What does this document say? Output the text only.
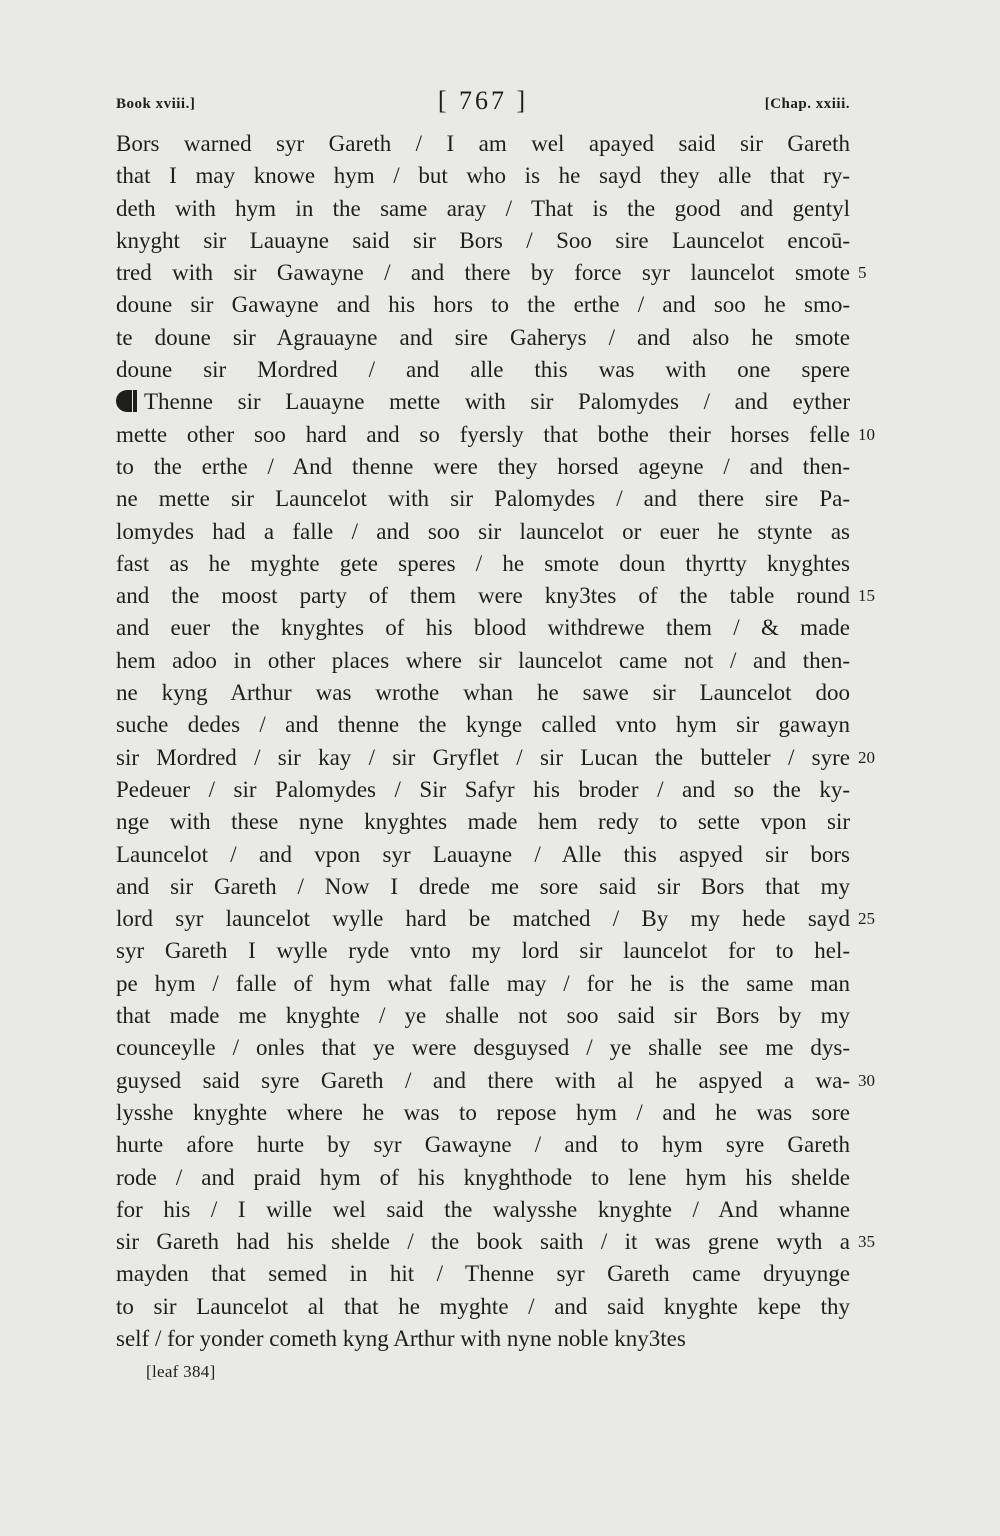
Book xviii.]	[ 767 ]	[Chap. xxiii.
Bors warned syr Gareth / I am wel apayed said sir Gareth
that I may knowe hym / but who is he sayd they alle that ry-
deth with hym in the same aray / That is the good and gentyl
knyght sir Lauayne said sir Bors / Soo sire Launcelot encoū-
tred with sir Gawayne / and there by force syr launcelot smote 5
doune sir Gawayne and his hors to the erthe / and soo he smo-
te doune sir Agrauayne and sire Gaherys / and also he smote
doune sir Mordred / and alle this was with one spere
Thenne sir Lauayne mette with sir Palomydes / and eyther
mette other soo hard and so fyersly that bothe their horses felle 10
to the erthe / And thenne were they horsed ageyne / and then-
ne mette sir Launcelot with sir Palomydes / and there sire Pa-
lomydes had a falle / and soo sir launcelot or euer he stynte as
fast as he myghte gete speres / he smote doun thyrtty knyghtes
and the moost party of them were kny3tes of the table round 15
and euer the knyghtes of his blood withdrewe them / & made
hem adoo in other places where sir launcelot came not / and then-
ne kyng Arthur was wrothe whan he sawe sir Launcelot doo
suche dedes / and thenne the kynge called vnto hym sir gawayn
sir Mordred / sir kay / sir Gryflet / sir Lucan the butteler / syre 20
Pedeuer / sir Palomydes / Sir Safyr his broder / and so the ky-
nge with these nyne knyghtes made hem redy to sette vpon sir
Launcelot / and vpon syr Lauayne / Alle this aspyed sir bors
and sir Gareth / Now I drede me sore said sir Bors that my
lord syr launcelot wylle hard be matched / By my hede sayd 25
syr Gareth I wylle ryde vnto my lord sir launcelot for to hel-
pe hym / falle of hym what falle may / for he is the same man
that made me knyghte / ye shalle not soo said sir Bors by my
counceylle / onles that ye were desguysed / ye shalle see me dys-
guysed said syre Gareth / and there with al he aspyed a wa- 30
lysshe knyghte where he was to repose hym / and he was sore
hurte afore hurte by syr Gawayne / and to hym syre Gareth
rode / and praid hym of his knyghthode to lene hym his shelde
for his / I wille wel said the walysshe knyghte / And whanne
sir Gareth had his shelde / the book saith / it was grene wyth a 35
mayden that semed in hit / Thenne syr Gareth came dryuynge
to sir Launcelot al that he myghte / and said knyghte kepe thy
self / for yonder cometh kyng Arthur with nyne noble kny3tes
[leaf 384]
